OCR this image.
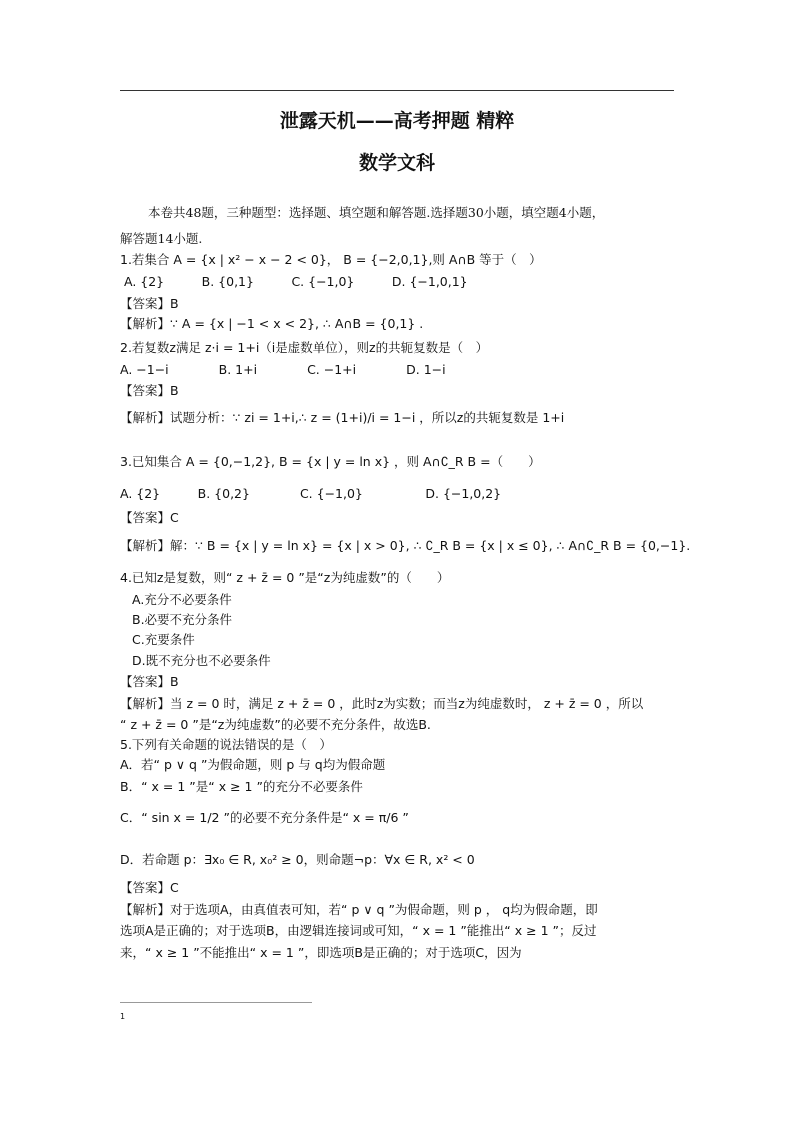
泄露天机——高考押题 精粹
数学文科
本卷共48题，三种题型：选择题、填空题和解答题.选择题30小题，填空题4小题，
解答题14小题.
1.若集合 A = {x | x² − x − 2 < 0}， B = {−2,0,1},则 A∩B 等于（　）
A. {2}　　　B. {0,1}　　　C. {−1,0}　　　D. {−1,0,1}
【答案】B
【解析】∵ A = {x | −1 < x < 2}, ∴ A∩B = {0,1} .
2.若复数z满足 z·i = 1+i（i是虚数单位），则z的共轭复数是（　）
A. −1−i　　　　B. 1+i　　　　C. −1+i　　　　D. 1−i
【答案】B
【解析】试题分析：∵ zi = 1+i,∴ z = (1+i)/i = 1−i ，所以z的共轭复数是 1+i
3.已知集合 A = {0,−1,2}, B = {x | y = ln x} ，则 A∩∁_R B =（　　）
A. {2}　　　B. {0,2}　　　　C. {−1,0}　　　　　D. {−1,0,2}
【答案】C
【解析】解：∵ B = {x | y = ln x} = {x | x > 0}, ∴ ∁_R B = {x | x ≤ 0}, ∴ A∩∁_R B = {0,−1}.
4.已知z是复数，则“ z + z̄ = 0 ”是“z为纯虚数”的（　　）
A.充分不必要条件
B.必要不充分条件
C.充要条件
D.既不充分也不必要条件
【答案】B
【解析】当 z = 0 时，满足 z + z̄ = 0 ，此时z为实数；而当z为纯虚数时， z + z̄ = 0 ，所以
“ z + z̄ = 0 ”是“z为纯虚数”的必要不充分条件，故选B.
5.下列有关命题的说法错误的是（　）
A．若“ p ∨ q ”为假命题，则 p 与 q均为假命题
B．“ x = 1 ”是“ x ≥ 1 ”的充分不必要条件
C．“ sin x = 1/2 ”的必要不充分条件是“ x = π/6 ”
D．若命题 p：∃x₀ ∈ R, x₀² ≥ 0，则命题¬p：∀x ∈ R, x² < 0
【答案】C
【解析】对于选项A，由真值表可知，若“ p ∨ q ”为假命题，则 p ， q均为假命题，即
选项A是正确的；对于选项B，由逻辑连接词或可知，“ x = 1 ”能推出“ x ≥ 1 ”；反过
来，“ x ≥ 1 ”不能推出“ x = 1 ”，即选项B是正确的；对于选项C，因为
1
